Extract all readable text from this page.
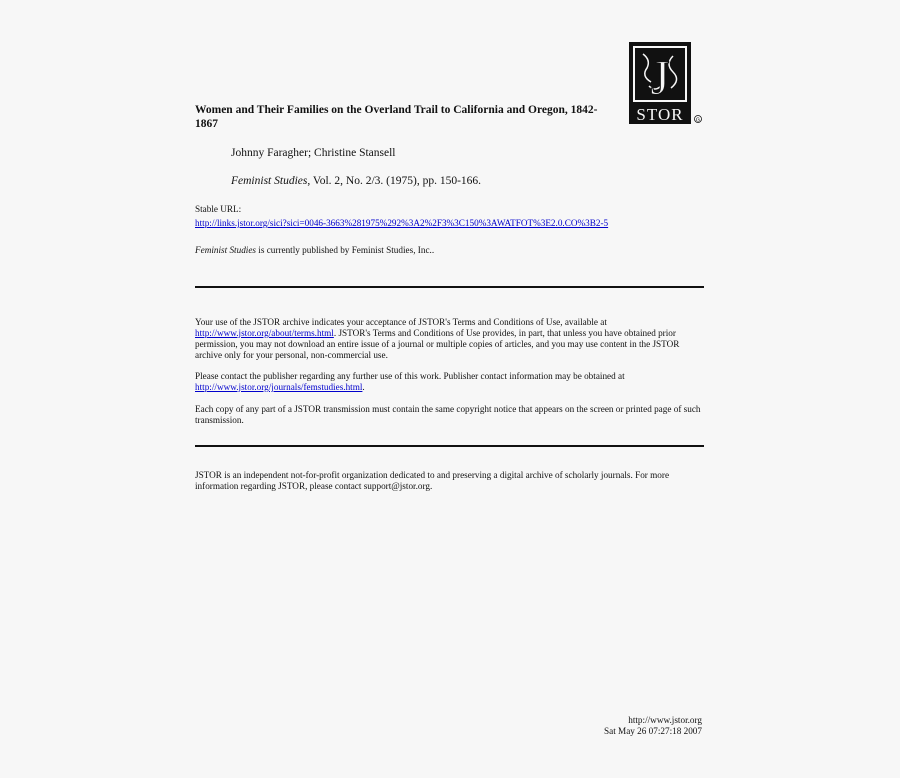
Women and Their Families on the Overland Trail to California and Oregon, 1842-1867
J
STOR G
Johnny Faragher; Christine Stansell
Feminist Studies, Vol. 2, No. 2/3. (1975), pp. 150-166.
Stable URL:
http://links.jstor.org/sici?sici=0046-3663%281975%292%3A2%2F3%3C150%3AWATFOT%3E2.0.CO%3B2-5
Feminist Studies is currently published by Feminist Studies, Inc..
Your use of the JSTOR archive indicates your acceptance of JSTOR's Terms and Conditions of Use, available at http://www.jstor.org/about/terms.html. JSTOR's Terms and Conditions of Use provides, in part, that unless you have obtained prior permission, you may not download an entire issue of a journal or multiple copies of articles, and you may use content in the JSTOR archive only for your personal, non-commercial use.
Please contact the publisher regarding any further use of this work. Publisher contact information may be obtained at http://www.jstor.org/journals/femstudies.html.
Each copy of any part of a JSTOR transmission must contain the same copyright notice that appears on the screen or printed page of such transmission.
JSTOR is an independent not-for-profit organization dedicated to and preserving a digital archive of scholarly journals. For more information regarding JSTOR, please contact support@jstor.org.
http://www.jstor.org
Sat May 26 07:27:18 2007
